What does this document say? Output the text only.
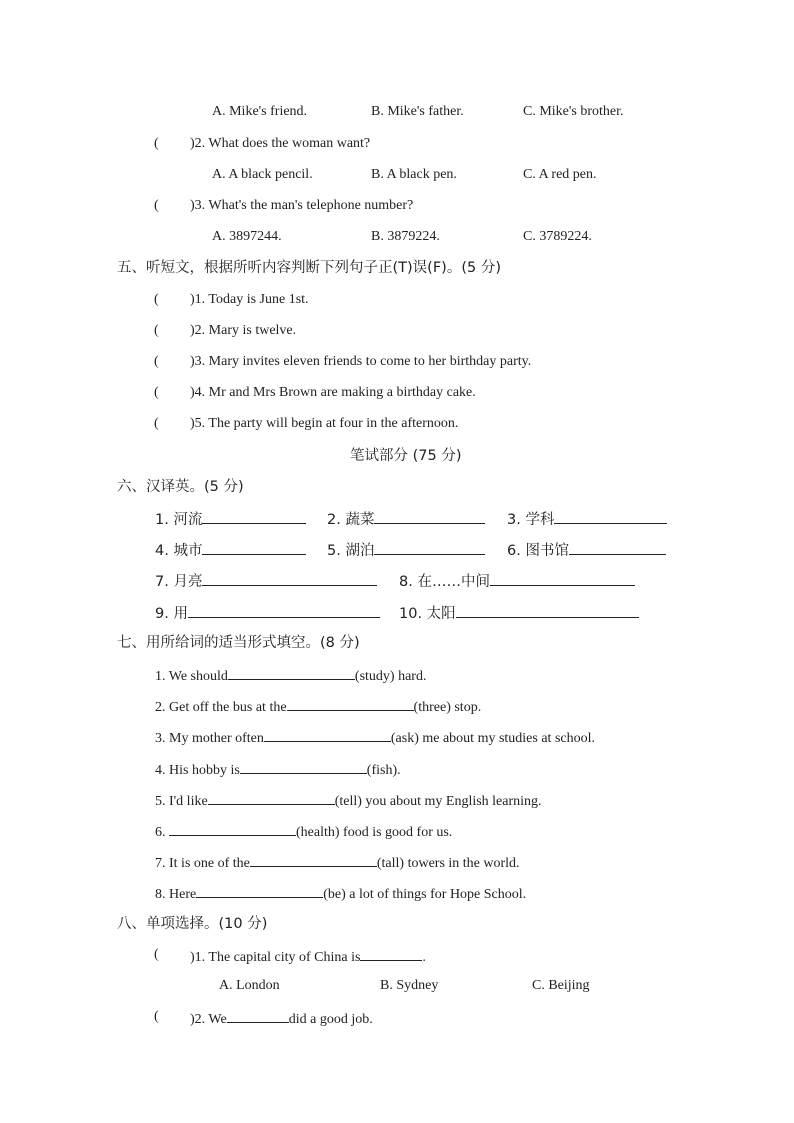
A. Mike's friend.	B. Mike's father.	C. Mike's brother.
( )2. What does the woman want?
A. A black pencil.	B. A black pen.	C. A red pen.
( )3. What's the man's telephone number?
A. 3897244.	B. 3879224.	C. 3789224.
五、听短文，根据所听内容判断下列句子正(T)误(F)。(5 分)
( )1. Today is June 1st.
( )2. Mary is twelve.
( )3. Mary invites eleven friends to come to her birthday party.
( )4. Mr and Mrs Brown are making a birthday cake.
( )5. The party will begin at four in the afternoon.
笔试部分 (75 分)
六、汉译英。(5 分)
1. 河流	2. 蔬菜	3. 学科
4. 城市	5. 湖泊	6. 图书馆
7. 月亮	8. 在……中间
9. 用	10. 太阳
七、用所给词的适当形式填空。(8 分)
1. We should	(study) hard.
2. Get off the bus at the	(three) stop.
3. My mother often	(ask) me about my studies at school.
4. His hobby is	(fish).
5. I'd like	(tell) you about my English learning.
6.	(health) food is good for us.
7. It is one of the	(tall) towers in the world.
8. Here	(be) a lot of things for Hope School.
八、单项选择。(10 分)
( )1. The capital city of China is	.
A. London	B. Sydney	C. Beijing
( )2. We	did a good job.
